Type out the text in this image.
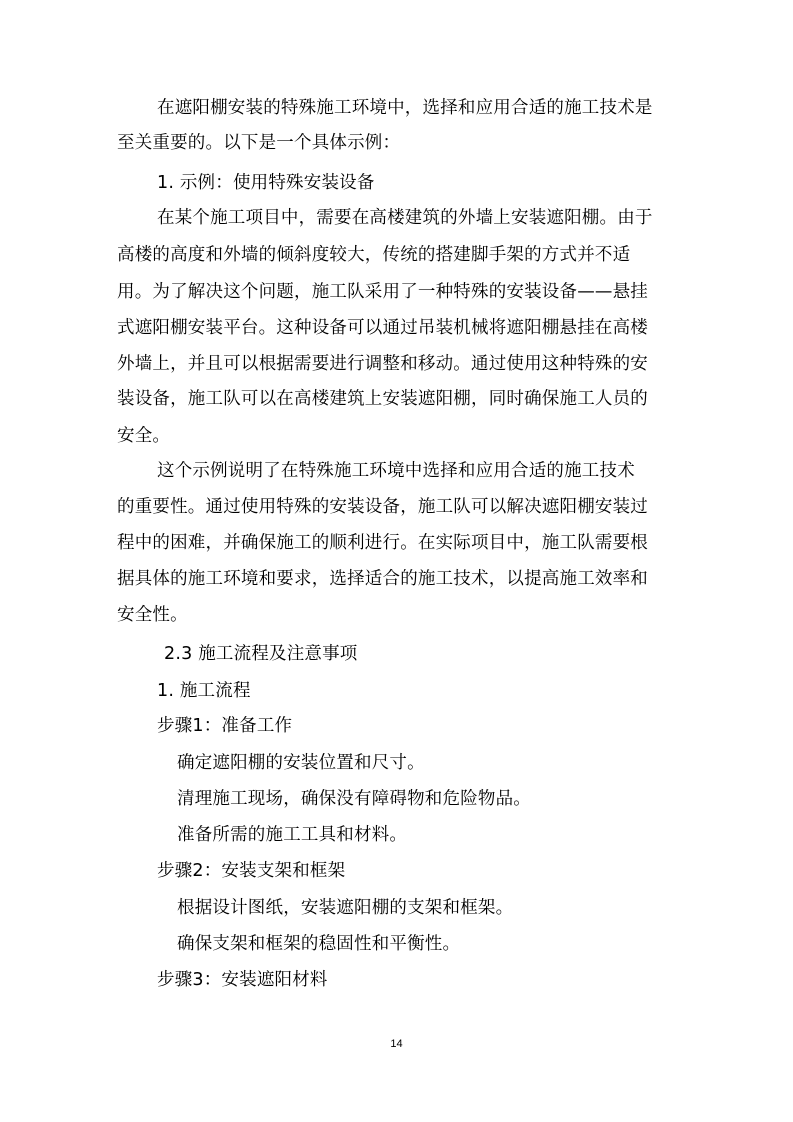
在遮阳棚安装的特殊施工环境中，选择和应用合适的施工技术是
至关重要的。以下是一个具体示例：
1. 示例：使用特殊安装设备
在某个施工项目中，需要在高楼建筑的外墙上安装遮阳棚。由于
高楼的高度和外墙的倾斜度较大，传统的搭建脚手架的方式并不适
用。为了解决这个问题，施工队采用了一种特殊的安装设备——悬挂
式遮阳棚安装平台。这种设备可以通过吊装机械将遮阳棚悬挂在高楼
外墙上，并且可以根据需要进行调整和移动。通过使用这种特殊的安
装设备，施工队可以在高楼建筑上安装遮阳棚，同时确保施工人员的
安全。
这个示例说明了在特殊施工环境中选择和应用合适的施工技术
的重要性。通过使用特殊的安装设备，施工队可以解决遮阳棚安装过
程中的困难，并确保施工的顺利进行。在实际项目中，施工队需要根
据具体的施工环境和要求，选择适合的施工技术，以提高施工效率和
安全性。
2.3 施工流程及注意事项
1. 施工流程
步骤1：准备工作
确定遮阳棚的安装位置和尺寸。
清理施工现场，确保没有障碍物和危险物品。
准备所需的施工工具和材料。
步骤2：安装支架和框架
根据设计图纸，安装遮阳棚的支架和框架。
确保支架和框架的稳固性和平衡性。
步骤3：安装遮阳材料
14
